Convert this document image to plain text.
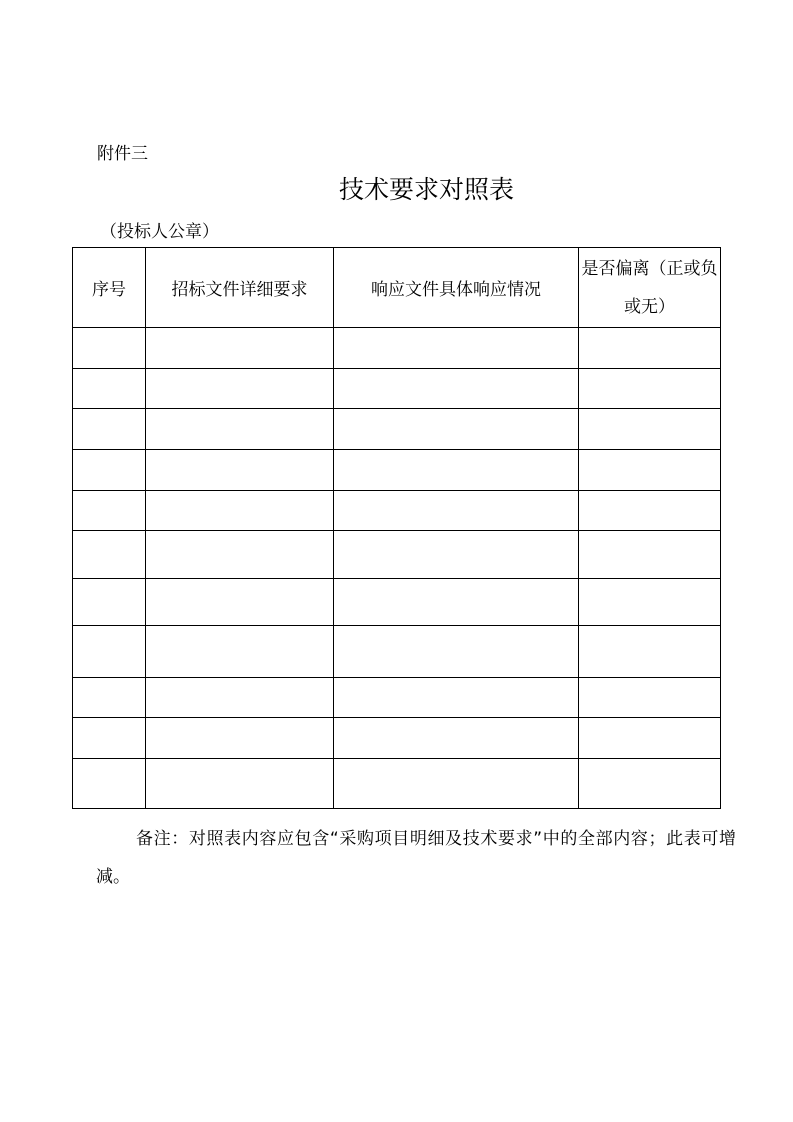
附件三
技术要求对照表
（投标人公章）
序号	招标文件详细要求	响应文件具体响应情况	是否偏离（正或负或无）

备注：对照表内容应包含“采购项目明细及技术要求”中的全部内容；此表可增减。
